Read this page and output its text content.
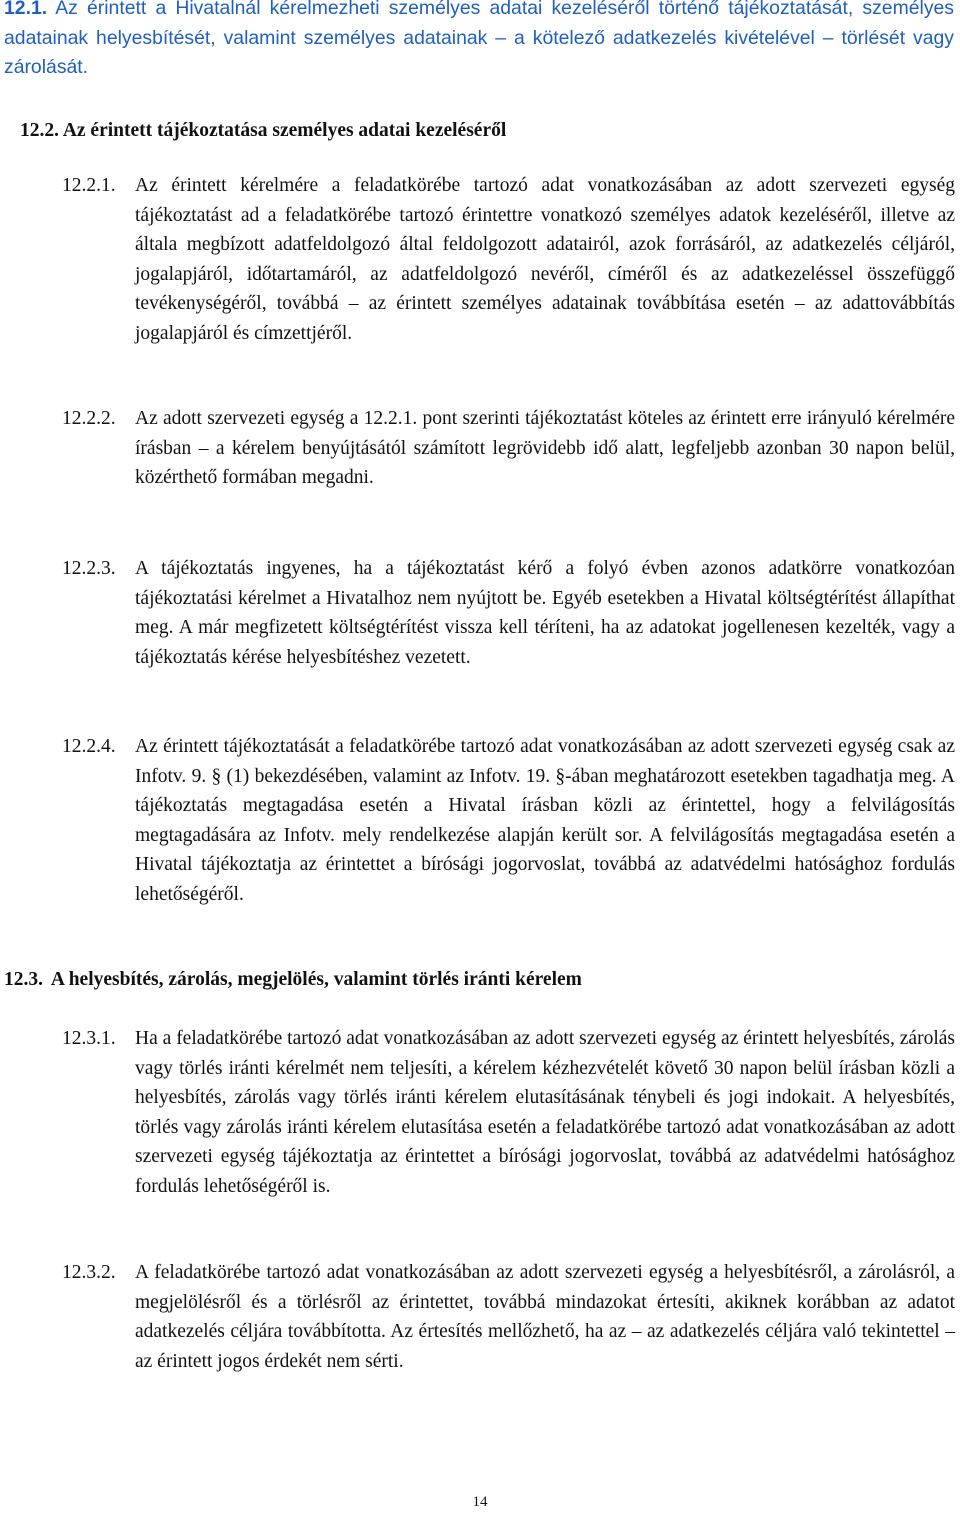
12.1. Az érintett a Hivatalnál kérelmezheti személyes adatai kezeléséről történő tájékoztatását, személyes adatainak helyesbítését, valamint személyes adatainak – a kötelező adatkezelés kivételével – törlését vagy zárolását.
12.2. Az érintett tájékoztatása személyes adatai kezeléséről
12.2.1. Az érintett kérelmére a feladatkörébe tartozó adat vonatkozásában az adott szervezeti egység tájékoztatást ad a feladatkörébe tartozó érintettre vonatkozó személyes adatok kezeléséről, illetve az általa megbízott adatfeldolgozó által feldolgozott adatairól, azok forrásáról, az adatkezelés céljáról, jogalapjáról, időtartamáról, az adatfeldolgozó nevéről, címéről és az adatkezeléssel összefüggő tevékenységéről, továbbá – az érintett személyes adatainak továbbítása esetén – az adattovábbítás jogalapjáról és címzettjéről.
12.2.2. Az adott szervezeti egység a 12.2.1. pont szerinti tájékoztatást köteles az érintett erre irányuló kérelmére írásban – a kérelem benyújtásától számított legrövidebb idő alatt, legfeljebb azonban 30 napon belül, közérthető formában megadni.
12.2.3. A tájékoztatás ingyenes, ha a tájékoztatást kérő a folyó évben azonos adatkörre vonatkozóan tájékoztatási kérelmet a Hivatalhoz nem nyújtott be. Egyéb esetekben a Hivatal költségtérítést állapíthat meg. A már megfizetett költségtérítést vissza kell téríteni, ha az adatokat jogellenesen kezelték, vagy a tájékoztatás kérése helyesbítéshez vezetett.
12.2.4. Az érintett tájékoztatását a feladatkörébe tartozó adat vonatkozásában az adott szervezeti egység csak az Infotv. 9. § (1) bekezdésében, valamint az Infotv. 19. §-ában meghatározott esetekben tagadhatja meg. A tájékoztatás megtagadása esetén a Hivatal írásban közli az érintettel, hogy a felvilágosítás megtagadására az Infotv. mely rendelkezése alapján került sor. A felvilágosítás megtagadása esetén a Hivatal tájékoztatja az érintettet a bírósági jogorvoslat, továbbá az adatvédelmi hatósághoz fordulás lehetőségéről.
12.3. A helyesbítés, zárolás, megjelölés, valamint törlés iránti kérelem
12.3.1. Ha a feladatkörébe tartozó adat vonatkozásában az adott szervezeti egység az érintett helyesbítés, zárolás vagy törlés iránti kérelmét nem teljesíti, a kérelem kézhezvételét követő 30 napon belül írásban közli a helyesbítés, zárolás vagy törlés iránti kérelem elutasításának ténybeli és jogi indokait. A helyesbítés, törlés vagy zárolás iránti kérelem elutasítása esetén a feladatkörébe tartozó adat vonatkozásában az adott szervezeti egység tájékoztatja az érintettet a bírósági jogorvoslat, továbbá az adatvédelmi hatósághoz fordulás lehetőségéről is.
12.3.2. A feladatkörébe tartozó adat vonatkozásában az adott szervezeti egység a helyesbítésről, a zárolásról, a megjelölésről és a törlésről az érintettet, továbbá mindazokat értesíti, akiknek korábban az adatot adatkezelés céljára továbbította. Az értesítés mellőzhető, ha az – az adatkezelés céljára való tekintettel – az érintett jogos érdekét nem sérti.
14
